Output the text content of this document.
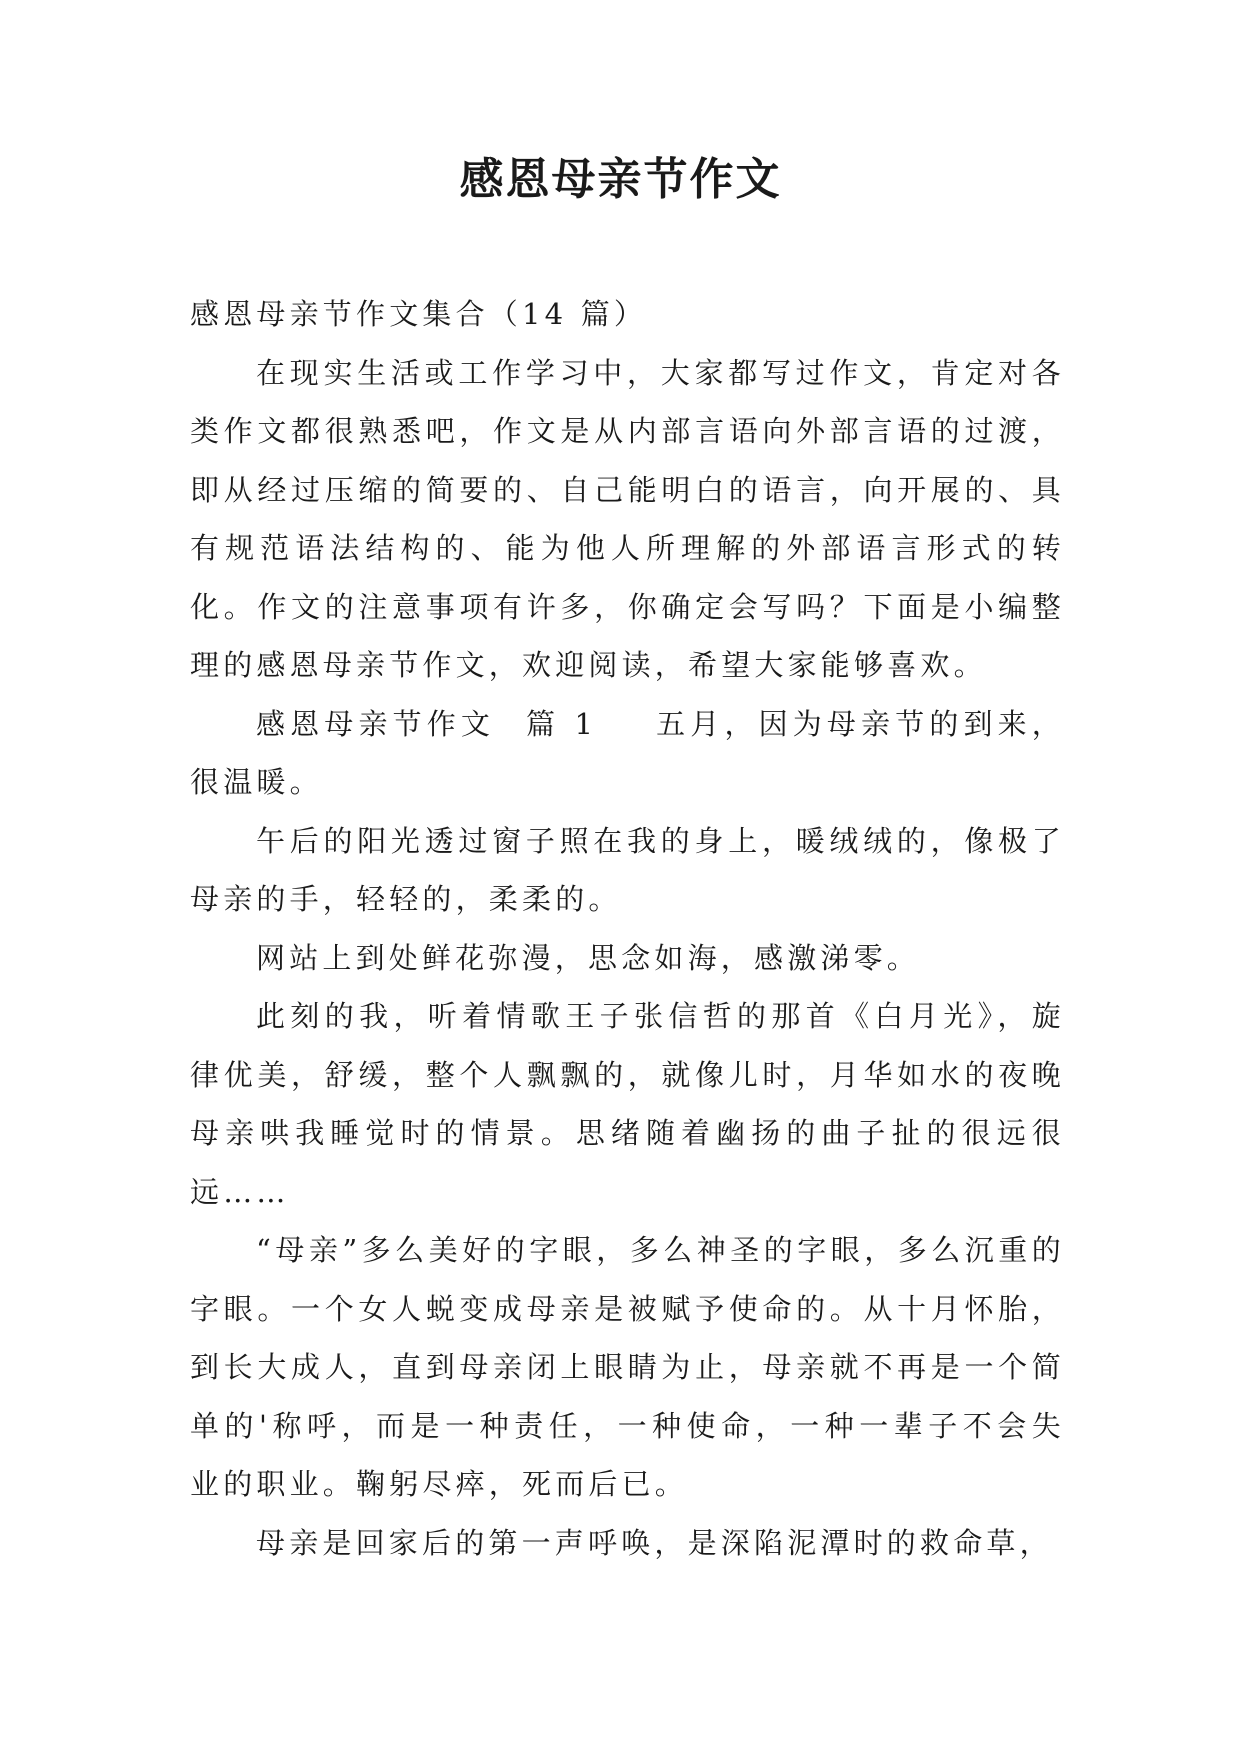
感恩母亲节作文

感恩母亲节作文集合（14 篇）

在现实生活或工作学习中，大家都写过作文，肯定对各类作文都很熟悉吧，作文是从内部言语向外部言语的过渡，即从经过压缩的简要的、自己能明白的语言，向开展的、具有规范语法结构的、能为他人所理解的外部语言形式的转化。作文的注意事项有许多，你确定会写吗？下面是小编整理的感恩母亲节作文，欢迎阅读，希望大家能够喜欢。

感恩母亲节作文 篇 1 五月，因为母亲节的到来，很温暖。

午后的阳光透过窗子照在我的身上，暖绒绒的，像极了母亲的手，轻轻的，柔柔的。

网站上到处鲜花弥漫，思念如海，感激涕零。

此刻的我，听着情歌王子张信哲的那首《白月光》，旋律优美，舒缓，整个人飘飘的，就像儿时，月华如水的夜晚母亲哄我睡觉时的情景。思绪随着幽扬的曲子扯的很远很远……

“母亲”多么美好的字眼，多么神圣的字眼，多么沉重的字眼。一个女人蜕变成母亲是被赋予使命的。从十月怀胎，到长大成人，直到母亲闭上眼睛为止，母亲就不再是一个简单的'称呼，而是一种责任，一种使命，一种一辈子不会失业的职业。鞠躬尽瘁，死而后已。

母亲是回家后的第一声呼唤，是深陷泥潭时的救命草，
